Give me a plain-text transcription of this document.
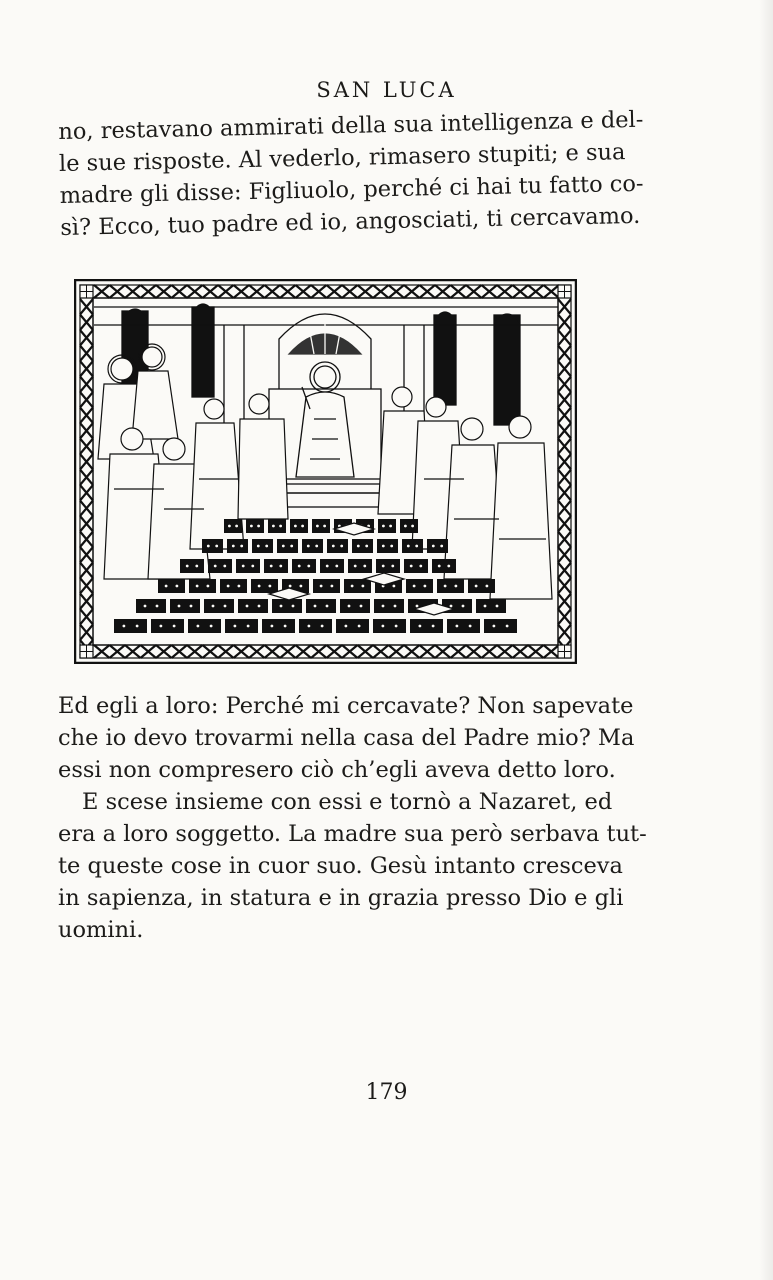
SAN LUCA
no, restavano ammirati della sua intelligenza e del-
le sue risposte. Al vederlo, rimasero stupiti; e sua
madre gli disse: Figliuolo, perché ci hai tu fatto co-
sì? Ecco, tuo padre ed io, angosciati, ti cercavamo.
Ed egli a loro: Perché mi cercavate? Non sapevate
che io devo trovarmi nella casa del Padre mio? Ma
essi non compresero ciò ch’egli aveva detto loro.
E scese insieme con essi e tornò a Nazaret, ed
era a loro soggetto. La madre sua però serbava tut-
te queste cose in cuor suo. Gesù intanto cresceva
in sapienza, in statura e in grazia presso Dio e gli
uomini.
179
